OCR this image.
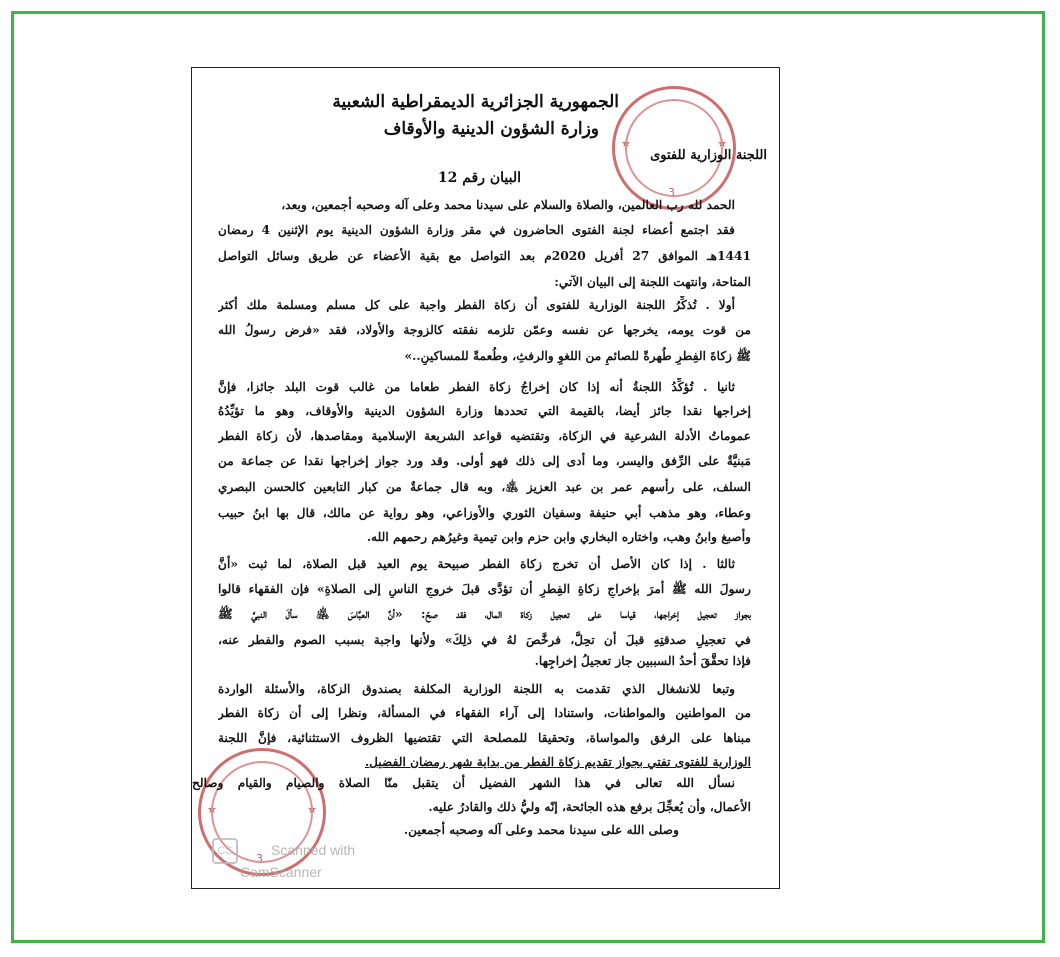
★	★
3
★	★
3
الجمهورية الجزائرية الديمقراطية الشعبية
وزارة الشؤون الدينية والأوقاف
اللجنة الوزارية للفتوى
البيان رقم 12
الحمد لله رب العالمين، والصلاة والسلام على سيدنا محمد وعلى آله وصحبه أجمعين، وبعد،
فقد اجتمع أعضاء لجنة الفتوى الحاضرون في مقر وزارة الشؤون الدينية يوم الإثنين 4 رمضان
1441هـ الموافق 27 أفريل 2020م بعد التواصل مع بقية الأعضاء عن طريق وسائل التواصل
المتاحة، وانتهت اللجنة إلى البيان الآتي:
أولا . تُذكِّرُ اللجنة الوزارية للفتوى أن زكاة الفطر واجبة على كل مسلم ومسلمة ملك أكثر
من قوت يومه، يخرجها عن نفسه وعمّن تلزمه نفقته كالزوجة والأولاد، فقد «فرض رسولُ الله
ﷺ زكاةَ الفِطرِ طُهرةً للصائمِ من اللغوِ والرفثِ، وطُعمةً للمساكينِ..»
ثانيا . تُؤكِّدُ اللجنةُ أنه إذا كان إخراجُ زكاة الفطر طعاما من غالب قوت البلد جائزا، فإنَّ
إخراجها نقدا جائز أيضا، بالقيمة التي تحددها وزارة الشؤون الدينية والأوقاف، وهو ما تؤيِّدُهُ
عموماتُ الأدلة الشرعية في الزكاة، وتقتضيه قواعد الشريعة الإسلامية ومقاصدها، لأن زكاة الفطر
مَبنيَّةٌ على الرِّفق واليسر، وما أدى إلى ذلك فهو أولى. وقد ورد جواز إخراجها نقدا عن جماعة من
السلف، على رأسهم عمر بن عبد العزيز ﵁، وبه قال جماعةٌ من كبار التابعين كالحسن البصري
وعطاء، وهو مذهب أبي حنيفة وسفيان الثوري والأوزاعي، وهو رواية عن مالك، قال بها ابنُ حبيب
وأصبغ وابنُ وهب، واختاره البخاري وابن حزم وابن تيمية وغيرُهم رحمهم الله.
ثالثا . إذا كان الأصل أن تخرج زكاة الفطر صبيحة يوم العيد قبل الصلاة، لما ثبت «أنَّ
رسولَ الله ﷺ أمرَ بإخراجِ زكاةِ الفِطرِ أن تؤدَّى قبلَ خروجِ الناسِ إلى الصلاةِ» فإن الفقهاء قالوا
بجواز تعجيل إخراجها، قياسا على تعجيل زكاة المال، فقد صحّ: «أنَّ العبَّاسَ ﵁ سألَ النبيَّ ﷺ
في تعجيلِ صدقتِهِ قبلَ أن تحِلَّ، فرخَّصَ لهُ في ذلِكَ» ولأنها واجبة بسبب الصوم والفطر عنه،
فإذا تحقَّقَ أحدُ السببين جاز تعجيلُ إخراجِها.
وتبعا للانشغال الذي تقدمت به اللجنة الوزارية المكلفة بصندوق الزكاة، والأسئلة الواردة
من المواطنين والمواطنات، واستنادا إلى آراء الفقهاء في المسألة، ونظرا إلى أن زكاة الفطر
مبناها على الرفق والمواساة، وتحقيقا للمصلحة التي تقتضيها الظروف الاستثنائية، فإنَّ اللجنة
الوزارية للفتوى تفتي بجواز تقديم زكاة الفطر من بداية شهر رمضان الفضيل.
نسأل الله تعالى في هذا الشهر الفضيل أن يتقبل منّا الصلاة والصيام والقيام وصالح
الأعمال، وأن يُعجِّلَ برفع هذه الجائحة، إنّه وليُّ ذلك والقادرُ عليه.
وصلى الله على سيدنا محمد وعلى آله وصحبه أجمعين.
CS	Scanned with
CamScanner
